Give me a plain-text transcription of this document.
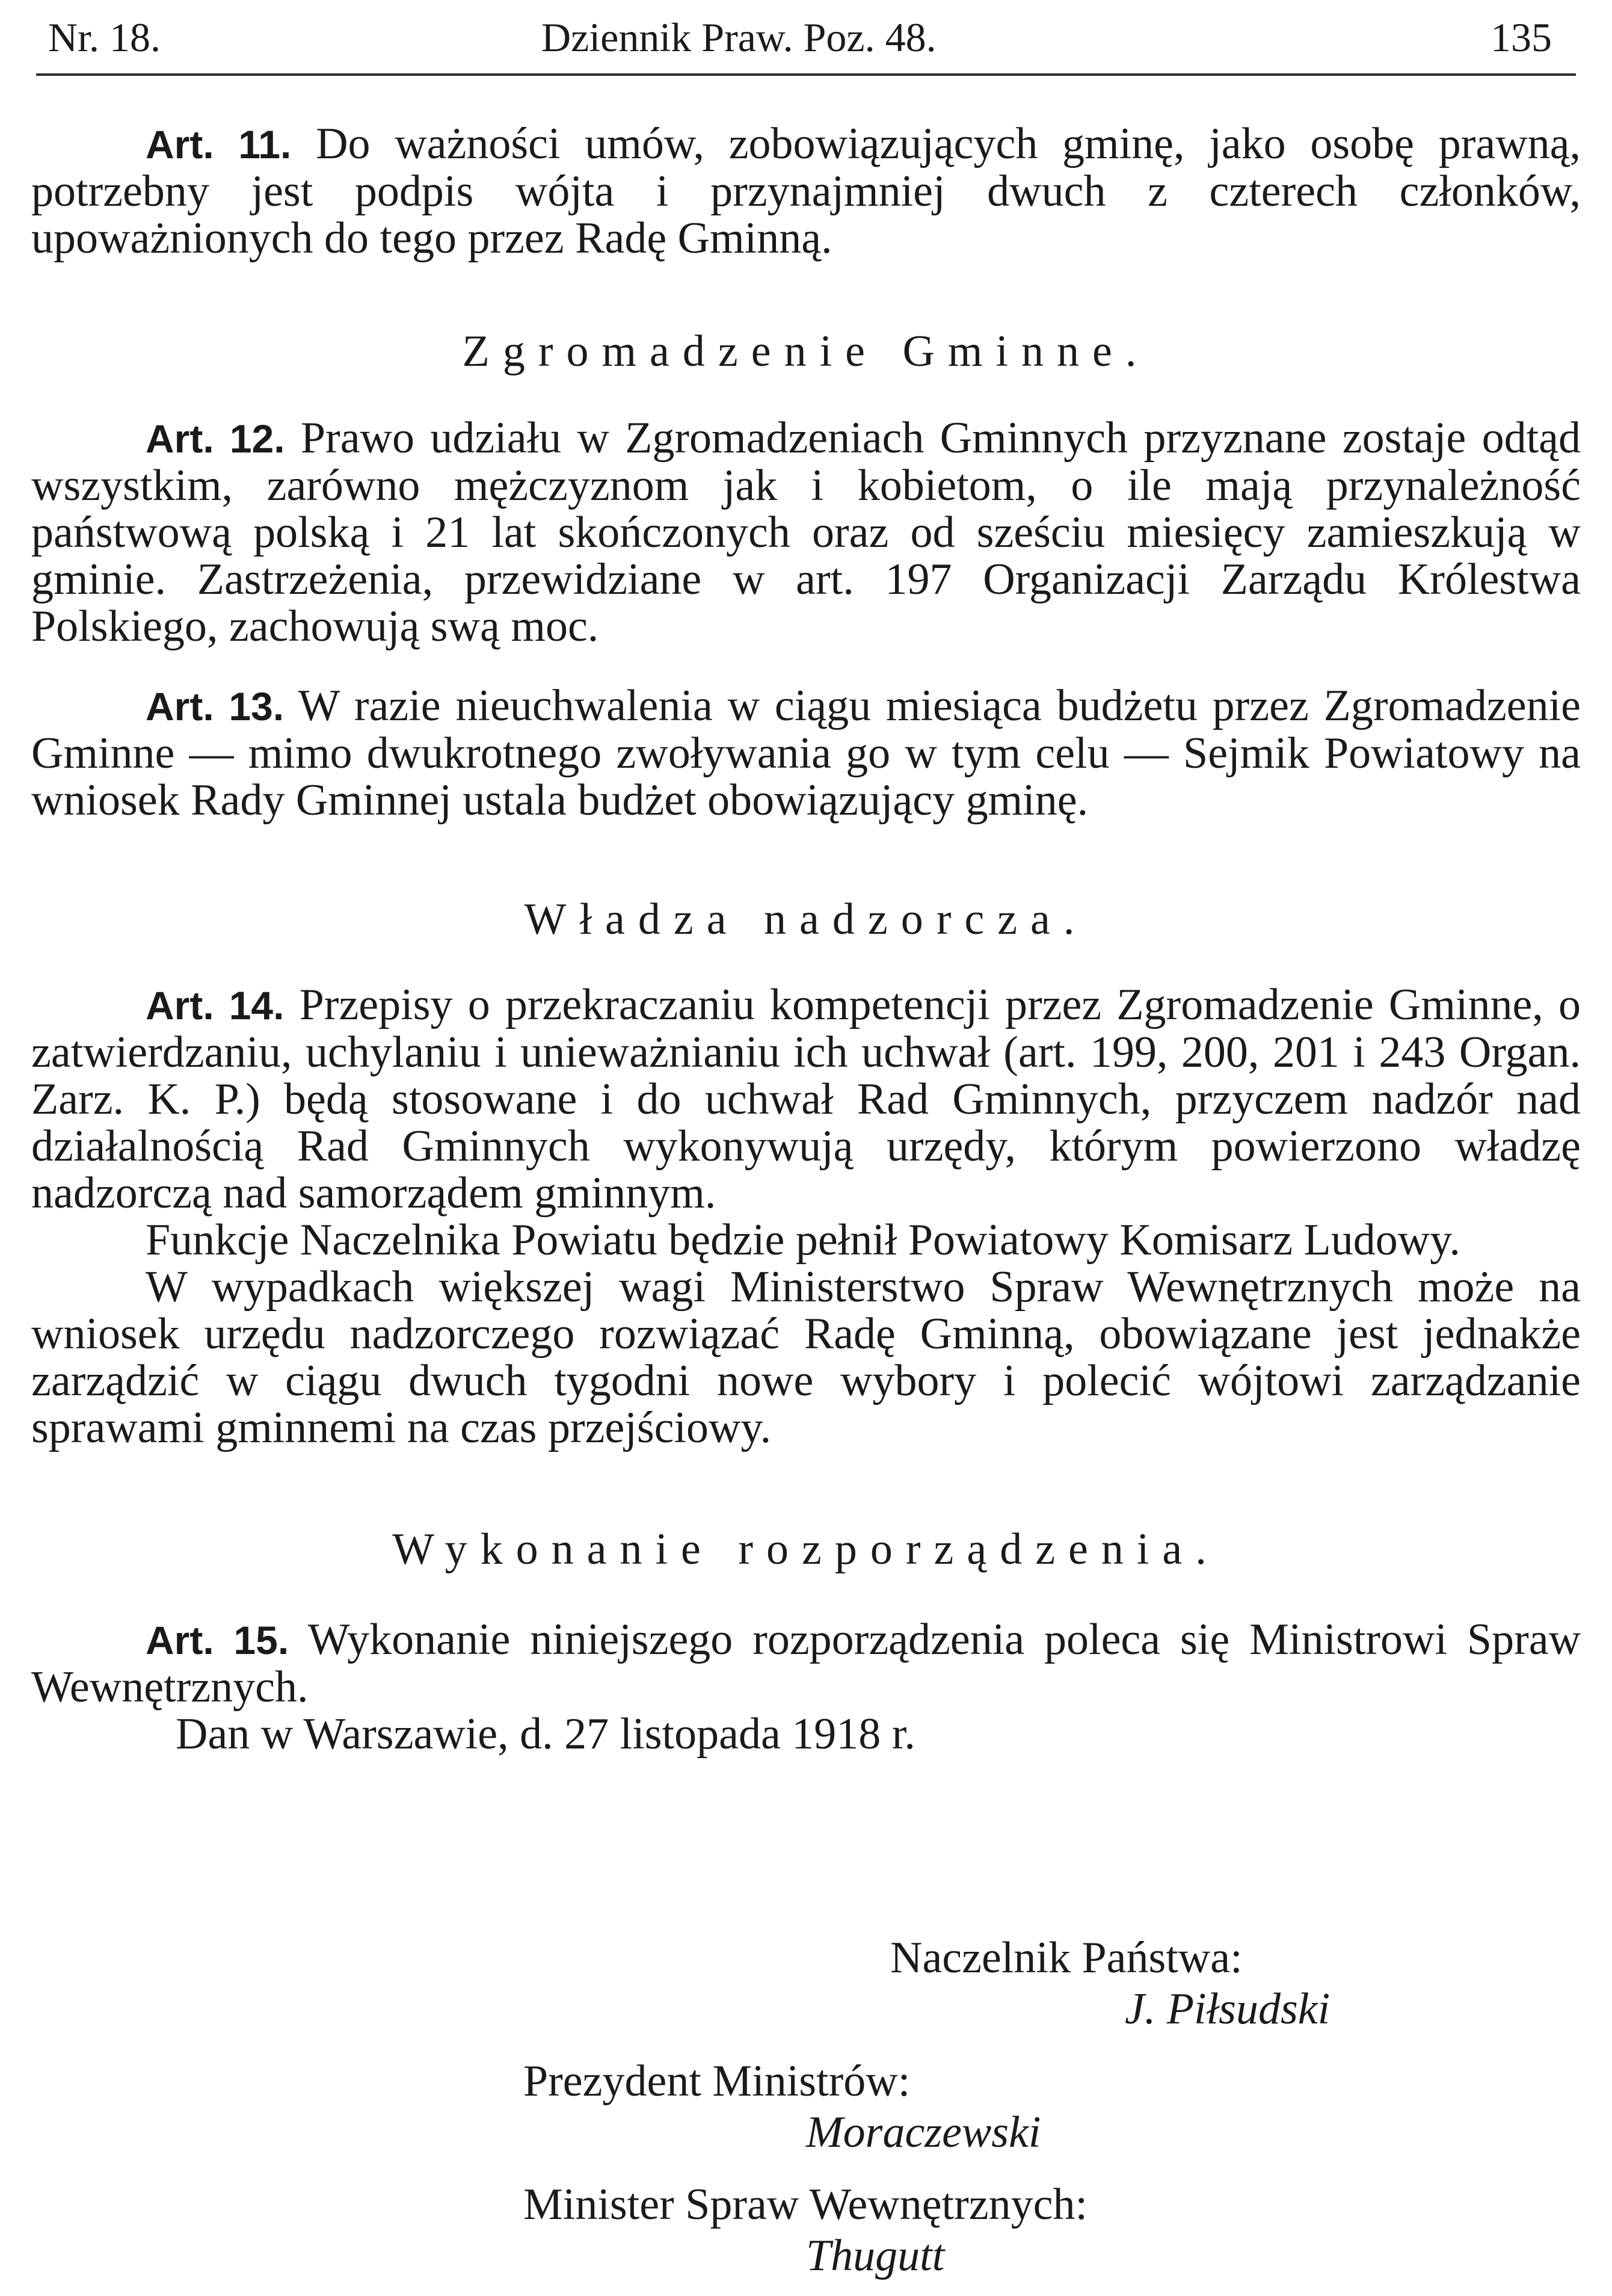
Nr. 18.	Dziennik Praw. Poz. 48.	135

Art. 11. Do ważności umów, zobowiązujących gminę, jako osobę prawną, potrzebny jest podpis wójta i przynajmniej dwuch z czterech członków, upoważnionych do tego przez Radę Gminną.

Zgromadzenie Gminne.

Art. 12. Prawo udziału w Zgromadzeniach Gminnych przyznane zostaje odtąd wszystkim, zarówno mężczyznom jak i kobietom, o ile mają przynależność państwową polską i 21 lat skończonych oraz od sześciu miesięcy zamieszkują w gminie. Zastrzeżenia, przewidziane w art. 197 Organizacji Zarządu Królestwa Polskiego, zachowują swą moc.

Art. 13. W razie nieuchwalenia w ciągu miesiąca budżetu przez Zgromadzenie Gminne — mimo dwukrotnego zwoływania go w tym celu — Sejmik Powiatowy na wniosek Rady Gminnej ustala budżet obowiązujący gminę.

Władza nadzorcza.

Art. 14. Przepisy o przekraczaniu kompetencji przez Zgromadzenie Gminne, o zatwierdzaniu, uchylaniu i unieważnianiu ich uchwał (art. 199, 200, 201 i 243 Organ. Zarz. K. P.) będą stosowane i do uchwał Rad Gminnych, przyczem nadzór nad działalnością Rad Gminnych wykonywują urzędy, którym powierzono władzę nadzorczą nad samorządem gminnym.

Funkcje Naczelnika Powiatu będzie pełnił Powiatowy Komisarz Ludowy.

W wypadkach większej wagi Ministerstwo Spraw Wewnętrznych może na wniosek urzędu nadzorczego rozwiązać Radę Gminną, obowiązane jest jednakże zarządzić w ciągu dwuch tygodni nowe wybory i polecić wójtowi zarządzanie sprawami gminnemi na czas przejściowy.

Wykonanie rozporządzenia.

Art. 15. Wykonanie niniejszego rozporządzenia poleca się Ministrowi Spraw Wewnętrznych.

Dan w Warszawie, d. 27 listopada 1918 r.

Naczelnik Państwa:
J. Piłsudski
Prezydent Ministrów:
Moraczewski
Minister Spraw Wewnętrznych:
Thugutt
